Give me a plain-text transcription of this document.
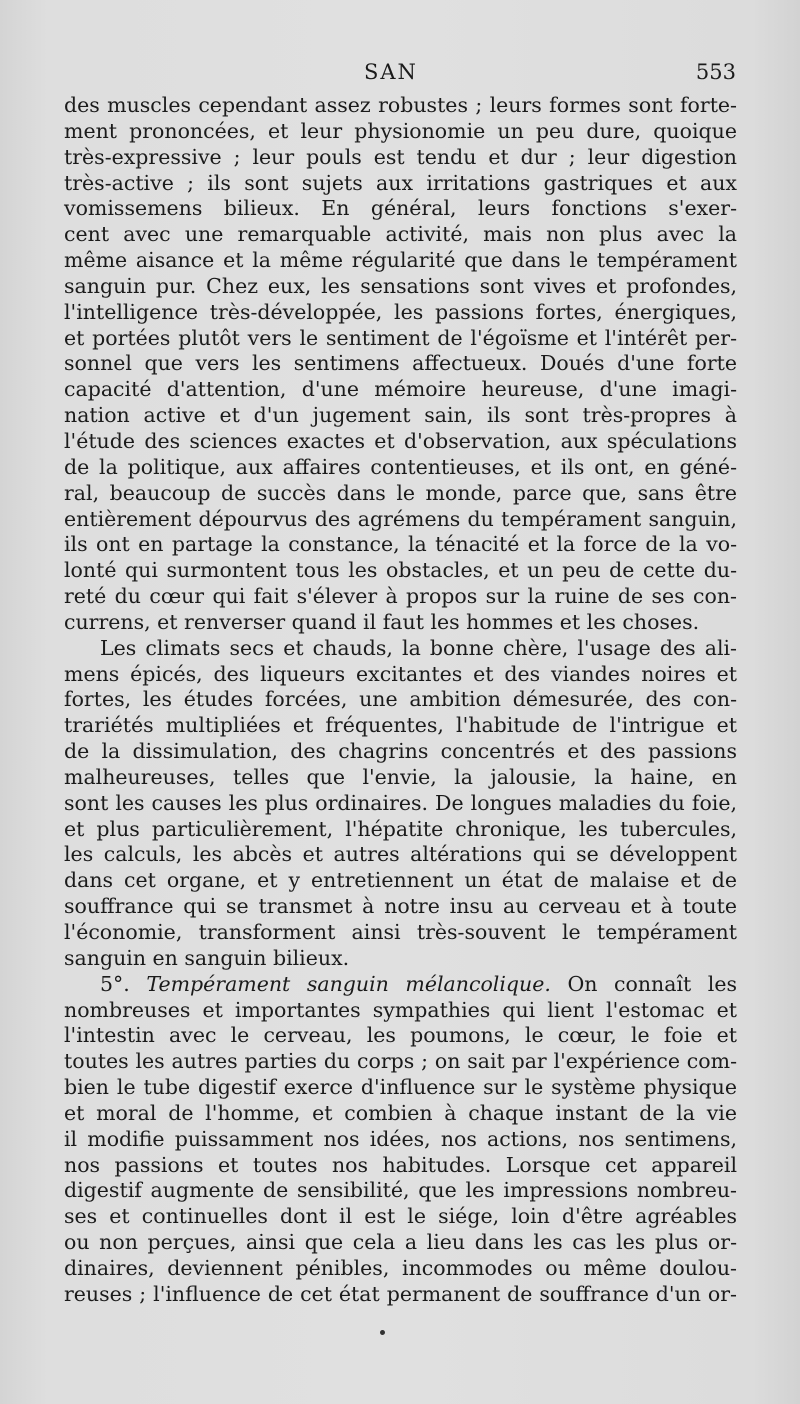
SAN	553
des muscles cependant assez robustes ; leurs formes sont forte-
ment prononcées, et leur physionomie un peu dure, quoique
très-expressive ; leur pouls est tendu et dur ; leur digestion
très-active ; ils sont sujets aux irritations gastriques et aux
vomissemens bilieux. En général, leurs fonctions s'exer-
cent avec une remarquable activité, mais non plus avec la
même aisance et la même régularité que dans le tempérament
sanguin pur. Chez eux, les sensations sont vives et profondes,
l'intelligence très-développée, les passions fortes, énergiques,
et portées plutôt vers le sentiment de l'égoïsme et l'intérêt per-
sonnel que vers les sentimens affectueux. Doués d'une forte
capacité d'attention, d'une mémoire heureuse, d'une imagi-
nation active et d'un jugement sain, ils sont très-propres à
l'étude des sciences exactes et d'observation, aux spéculations
de la politique, aux affaires contentieuses, et ils ont, en géné-
ral, beaucoup de succès dans le monde, parce que, sans être
entièrement dépourvus des agrémens du tempérament sanguin,
ils ont en partage la constance, la ténacité et la force de la vo-
lonté qui surmontent tous les obstacles, et un peu de cette du-
reté du cœur qui fait s'élever à propos sur la ruine de ses con-
currens, et renverser quand il faut les hommes et les choses.
Les climats secs et chauds, la bonne chère, l'usage des ali-
mens épicés, des liqueurs excitantes et des viandes noires et
fortes, les études forcées, une ambition démesurée, des con-
trariétés multipliées et fréquentes, l'habitude de l'intrigue et
de la dissimulation, des chagrins concentrés et des passions
malheureuses, telles que l'envie, la jalousie, la haine, en
sont les causes les plus ordinaires. De longues maladies du foie,
et plus particulièrement, l'hépatite chronique, les tubercules,
les calculs, les abcès et autres altérations qui se développent
dans cet organe, et y entretiennent un état de malaise et de
souffrance qui se transmet à notre insu au cerveau et à toute
l'économie, transforment ainsi très-souvent le tempérament
sanguin en sanguin bilieux.
5°. Tempérament sanguin mélancolique. On connaît les
nombreuses et importantes sympathies qui lient l'estomac et
l'intestin avec le cerveau, les poumons, le cœur, le foie et
toutes les autres parties du corps ; on sait par l'expérience com-
bien le tube digestif exerce d'influence sur le système physique
et moral de l'homme, et combien à chaque instant de la vie
il modifie puissamment nos idées, nos actions, nos sentimens,
nos passions et toutes nos habitudes. Lorsque cet appareil
digestif augmente de sensibilité, que les impressions nombreu-
ses et continuelles dont il est le siége, loin d'être agréables
ou non perçues, ainsi que cela a lieu dans les cas les plus or-
dinaires, deviennent pénibles, incommodes ou même doulou-
reuses ; l'influence de cet état permanent de souffrance d'un or-
